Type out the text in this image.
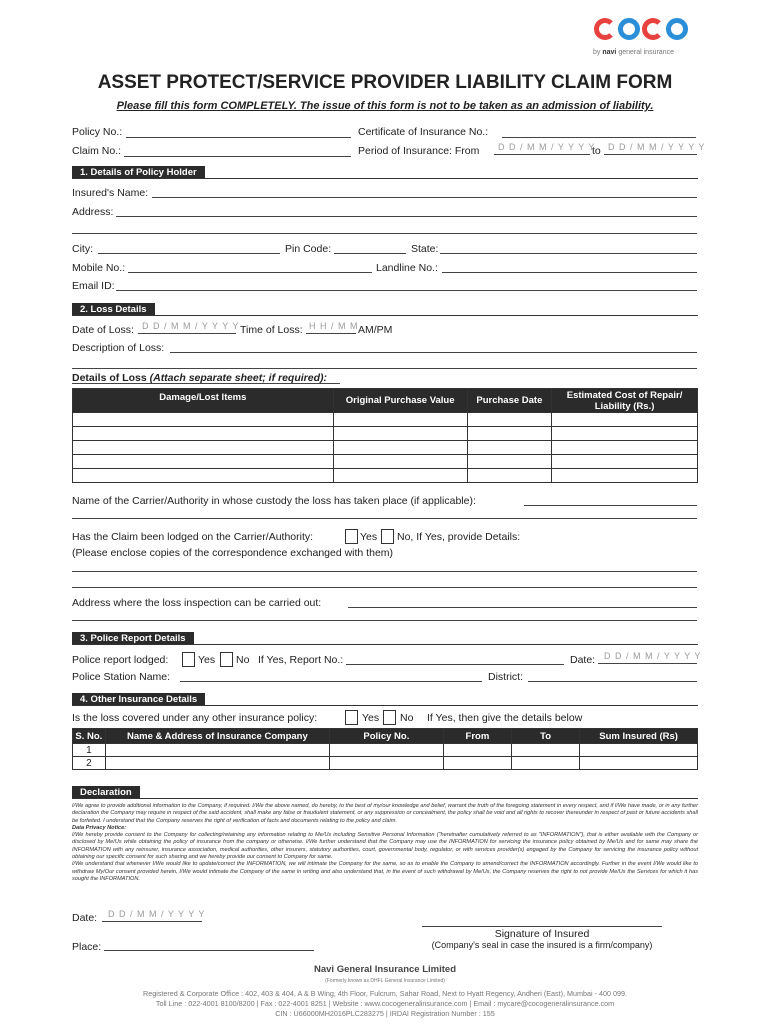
by navi general insurance
ASSET PROTECT/SERVICE PROVIDER LIABILITY CLAIM FORM
Please fill this form COMPLETELY. The issue of this form is not to be taken as an admission of liability.
Policy No.:	Certificate of Insurance No.:
Claim No.:	Period of Insurance: From D D / M M / Y Y Y Y
to D D / M M / Y Y Y Y
1. Details of Policy Holder
Insured's Name:
Address:
City:	Pin Code:	State:
Mobile No.:	Landline No.:
Email ID:
2. Loss Details
Date of Loss: D D / M M / Y Y Y Y Time of Loss: H H / M M AM/PM
Description of Loss:
Details of Loss (Attach separate sheet; if required):
Damage/Lost Items	Original Purchase Value	Purchase Date	Estimated Cost of Repair/ Liability (Rs.)

Name of the Carrier/Authority in whose custody the loss has taken place (if applicable):
Has the Claim been lodged on the Carrier/Authority:	Yes No, If Yes, provide Details:
(Please enclose copies of the correspondence exchanged with them)
Address where the loss inspection can be carried out:
3. Police Report Details
Police report lodged:	Yes No If Yes, Report No.:	Date: D D / M M / Y Y Y Y
Police Station Name:	District:
4. Other Insurance Details
Is the loss covered under any other insurance policy:	Yes No If Yes, then give the details below
S. No.	Name & Address of Insurance Company	Policy No.	From	To	Sum Insured (Rs)
1					
2					
Declaration
I/We agree to provide additional information to the Company, if required. I/We the above named, do hereby, to the best of my/our knowledge and belief, warrant the truth of the foregoing statement in every respect, and if I/We have made, or in any further declaration the Company may require in respect of the said accident, shall make any false or fraudulent statement, or any suppression or concealment, the policy shall be void and all rights to recover thereunder in respect of past or future accidents shall be forfeited. I understand that the Company reserves the right of verification of facts and documents relating to the policy and claim.
Data Privacy Notice:
I/We hereby provide consent to the Company for collecting/retaining any information relating to Me/Us including Sensitive Personal Information ("hereinafter cumulatively referred to as "INFORMATION"), that is either available with the Company or disclosed by Me/Us while obtaining the policy of insurance from the company or otherwise. I/We further understand that the Company may use the INFORMATION for servicing the insurance policy obtained by Me/Us and for same may share the INFORMATION with any reinsurer, insurance association, medical authorities, other insurers, statutory authorities, court, governmental body, regulator, or with services provider(s) engaged by the Company for servicing the insurance policy without obtaining our specific consent for such sharing and we hereby provide our consent to Company for same.
I/We understand that whenever I/We would like to update/correct the INFORMATION, we will intimate the Company for the same, so as to enable the Company to amend/correct the INFORMATION accordingly. Further in the event I/We would like to withdraw My/Our consent provided herein, I/We would intimate the Company of the same in writing and also understand that, in the event of such withdrawal by Me/Us, the Company reserves the right to not provide Me/Us the Services for which it has sought the INFORMATION.
Date: D D / M M / Y Y Y Y
Signature of Insured
(Company's seal in case the insured is a firm/company)
Place:
Navi General Insurance Limited
(Formerly known as DHFL General Insurance Limited)
Registered & Corporate Office : 402, 403 & 404, A & B Wing, 4th Floor, Fulcrum, Sahar Road, Next to Hyatt Regency, Andheri (East), Mumbai - 400 099.
Toll Line : 022-4001 8100/8200 | Fax : 022-4001 8251 | Website : www.cocogeneralinsurance.com | Email : mycare@cocogeneralinsurance.com
CIN : U66000MH2016PLC283275 | IRDAI Registration Number : 155
